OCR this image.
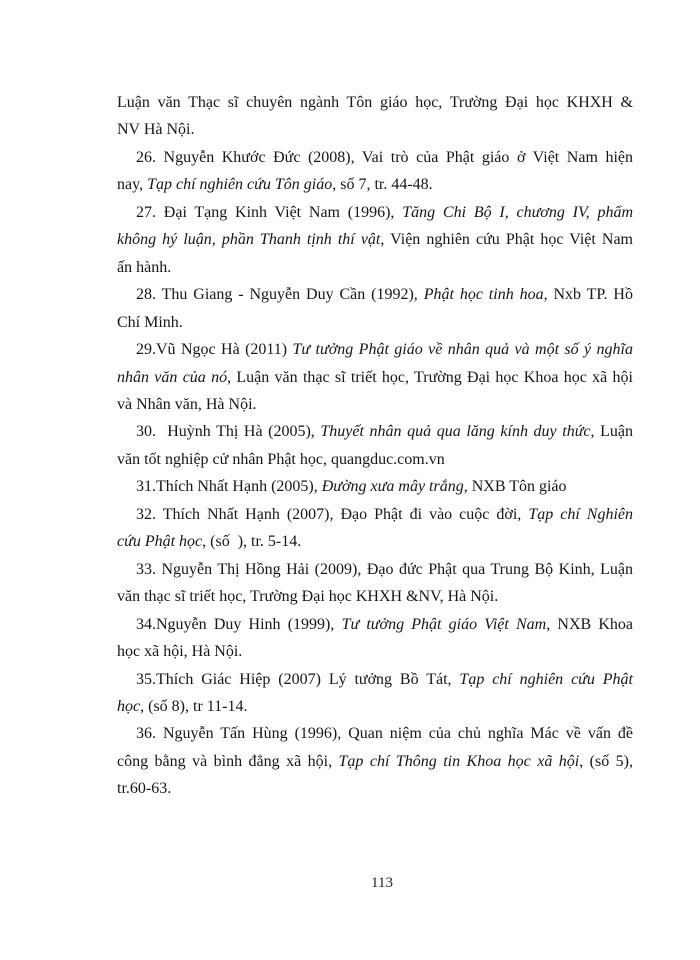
Luận văn Thạc sĩ chuyên ngành Tôn giáo học, Trường Đại học KHXH &
NV Hà Nội.
26. Nguyễn Khước Đức (2008), Vai trò của Phật giáo ở Việt Nam hiện
nay, Tạp chí nghiên cứu Tôn giáo, số 7, tr. 44-48.
27. Đại Tạng Kinh Việt Nam (1996), Tăng Chi Bộ I, chương IV, phẩm
không hý luận, phần Thanh tịnh thí vật, Viện nghiên cứu Phật học Việt Nam
ấn hành.
28. Thu Giang - Nguyễn Duy Cần (1992), Phật học tinh hoa, Nxb TP. Hồ
Chí Minh.
29.Vũ Ngọc Hà (2011) Tư tưởng Phật giáo về nhân quả và một số ý nghĩa
nhân văn của nó, Luận văn thạc sĩ triết học, Trường Đại học Khoa học xã hội
và Nhân văn, Hà Nội.
30.  Huỳnh Thị Hà (2005), Thuyết nhân quả qua lăng kính duy thức, Luận
văn tốt nghiệp cử nhân Phật học, quangduc.com.vn
31.Thích Nhất Hạnh (2005), Đường xưa mây trắng, NXB Tôn giáo
32. Thích Nhất Hạnh (2007), Đạo Phật đi vào cuộc đời, Tạp chí Nghiên
cứu Phật học, (số  ), tr. 5-14.
33. Nguyễn Thị Hồng Hải (2009), Đạo đức Phật qua Trung Bộ Kinh, Luận
văn thạc sĩ triết học, Trường Đại học KHXH &NV, Hà Nội.
34.Nguyễn Duy Hinh (1999), Tư tưởng Phật giáo Việt Nam, NXB Khoa
học xã hội, Hà Nội.
35.Thích Giác Hiệp (2007) Lý tưởng Bồ Tát, Tạp chí nghiên cứu Phật
học, (số 8), tr 11-14.
36. Nguyễn Tấn Hùng (1996), Quan niệm của chủ nghĩa Mác về vấn đề
công bằng và bình đẳng xã hội, Tạp chí Thông tin Khoa học xã hội, (số 5),
tr.60-63.
113
